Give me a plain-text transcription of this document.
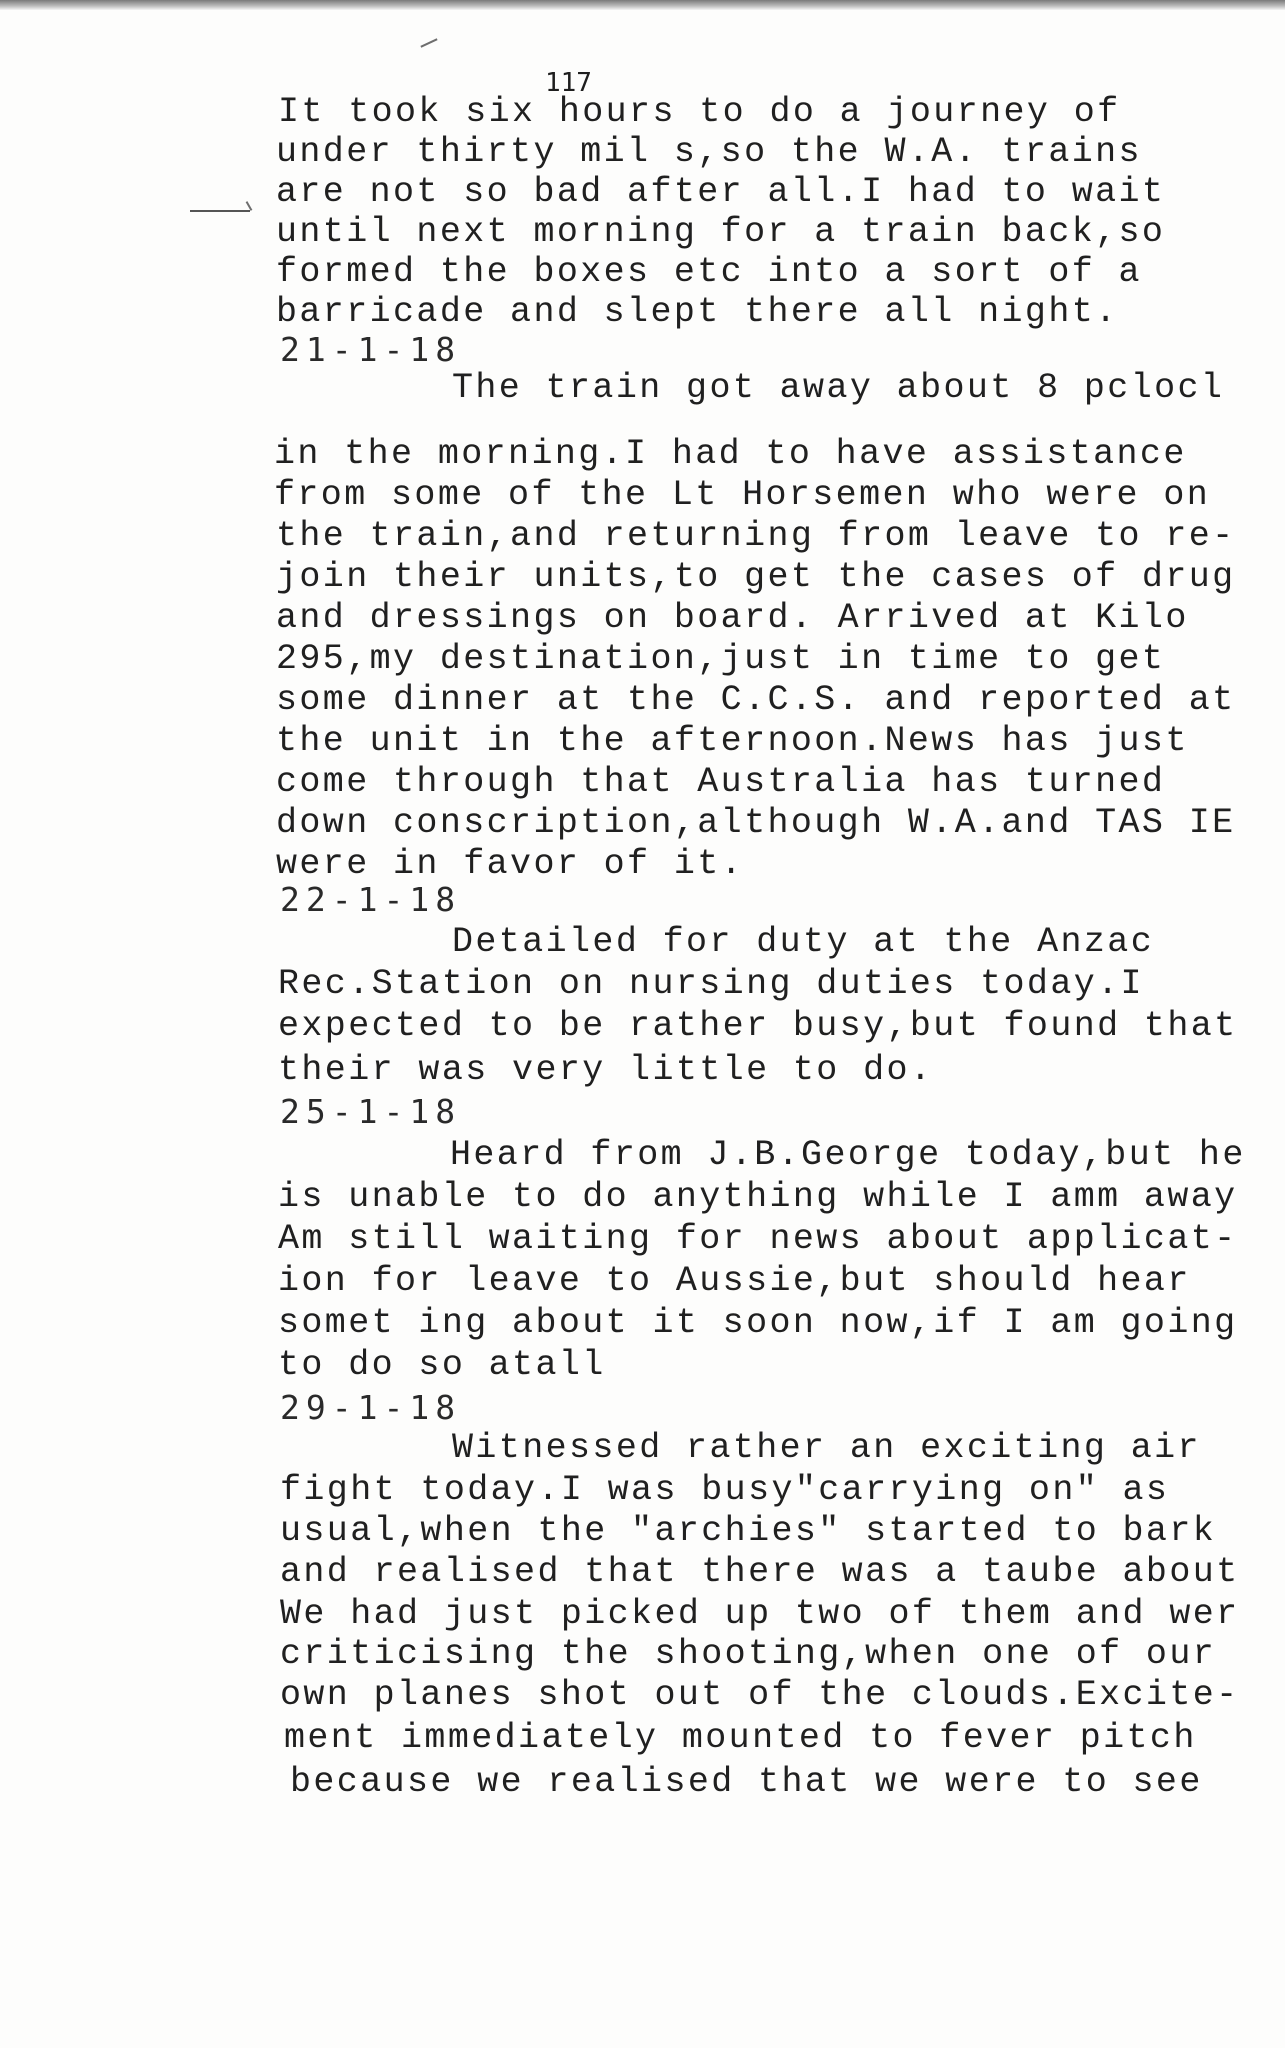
117

It took six hours to do a journey of

under thirty mil s,so the W.A. trains

are not so bad after all.I had to wait

until next morning for a train back,so

formed the boxes etc into a sort of a

barricade and slept there all night.

21-1-18

The train got away about 8 pclocl

in the morning.I had to have assistance

from some of the Lt Horsemen who were on

the train,and returning from leave to re-

join their units,to get the cases of drug

and dressings on board. Arrived at Kilo

295,my destination,just in time to get

some dinner at the C.C.S. and reported at

the unit in the afternoon.News has just

come through that Australia has turned

down conscription,although W.A.and TAS IE

were in favor of it.

22-1-18

Detailed for duty at the Anzac

Rec.Station on nursing duties today.I

expected to be rather busy,but found that

their was very little to do.

25-1-18

Heard from J.B.George today,but he

is unable to do anything while I amm away

Am still waiting for news about applicat-

ion for leave to Aussie,but should hear

somet ing about it soon now,if I am going

to do so atall

29-1-18

Witnessed rather an exciting air

fight today.I was busy"carrying on" as

usual,when the "archies" started to bark

and realised that there was a taube about

We had just picked up two of them and wer

criticising the shooting,when one of our

own planes shot out of the clouds.Excite-

ment immediately mounted to fever pitch

because we realised that we were to see
